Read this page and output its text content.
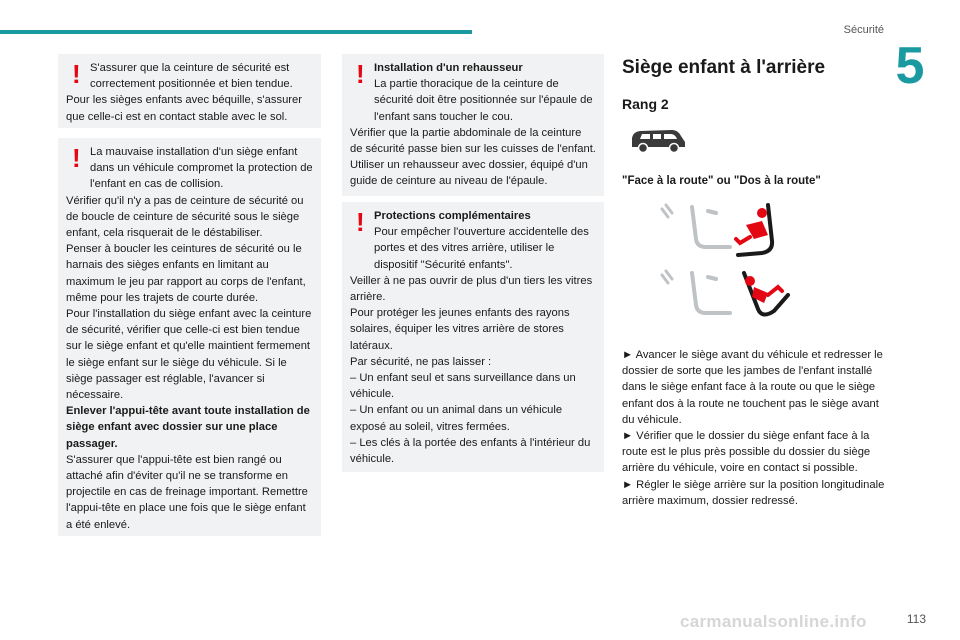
Sécurité
5

! S'assurer que la ceinture de sécurité est correctement positionnée et bien tendue.

Pour les sièges enfants avec béquille, s'assurer que celle-ci est en contact stable avec le sol.

! La mauvaise installation d'un siège enfant dans un véhicule compromet la protection de l'enfant en cas de collision.

Vérifier qu'il n'y a pas de ceinture de sécurité ou de boucle de ceinture de sécurité sous le siège enfant, cela risquerait de le déstabiliser.

Penser à boucler les ceintures de sécurité ou le harnais des sièges enfants en limitant au maximum le jeu par rapport au corps de l'enfant, même pour les trajets de courte durée.

Pour l'installation du siège enfant avec la ceinture de sécurité, vérifier que celle-ci est bien tendue sur le siège enfant et qu'elle maintient fermement le siège enfant sur le siège du véhicule. Si le siège passager est réglable, l'avancer si nécessaire.

Enlever l'appui-tête avant toute installation de siège enfant avec dossier sur une place passager.

S'assurer que l'appui-tête est bien rangé ou attaché afin d'éviter qu'il ne se transforme en projectile en cas de freinage important. Remettre l'appui-tête en place une fois que le siège enfant a été enlevé.

! Installation d'un rehausseur
La partie thoracique de la ceinture de sécurité doit être positionnée sur l'épaule de l'enfant sans toucher le cou.

Vérifier que la partie abdominale de la ceinture de sécurité passe bien sur les cuisses de l'enfant.

Utiliser un rehausseur avec dossier, équipé d'un guide de ceinture au niveau de l'épaule.

! Protections complémentaires
Pour empêcher l'ouverture accidentelle des portes et des vitres arrière, utiliser le dispositif "Sécurité enfants".

Veiller à ne pas ouvrir de plus d'un tiers les vitres arrière.

Pour protéger les jeunes enfants des rayons solaires, équiper les vitres arrière de stores latéraux.

Par sécurité, ne pas laisser :

– Un enfant seul et sans surveillance dans un véhicule.

– Un enfant ou un animal dans un véhicule exposé au soleil, vitres fermées.

– Les clés à la portée des enfants à l'intérieur du véhicule.

Siège enfant à l'arrière
Rang 2
"Face à la route" ou "Dos à la route"

► Avancer le siège avant du véhicule et redresser le dossier de sorte que les jambes de l'enfant installé dans le siège enfant face à la route ou que le siège enfant dos à la route ne touchent pas le siège avant du véhicule.

► Vérifier que le dossier du siège enfant face à la route est le plus près possible du dossier du siège arrière du véhicule, voire en contact si possible.

► Régler le siège arrière sur la position longitudinale arrière maximum, dossier redressé.

carmanualsonline.info	113
